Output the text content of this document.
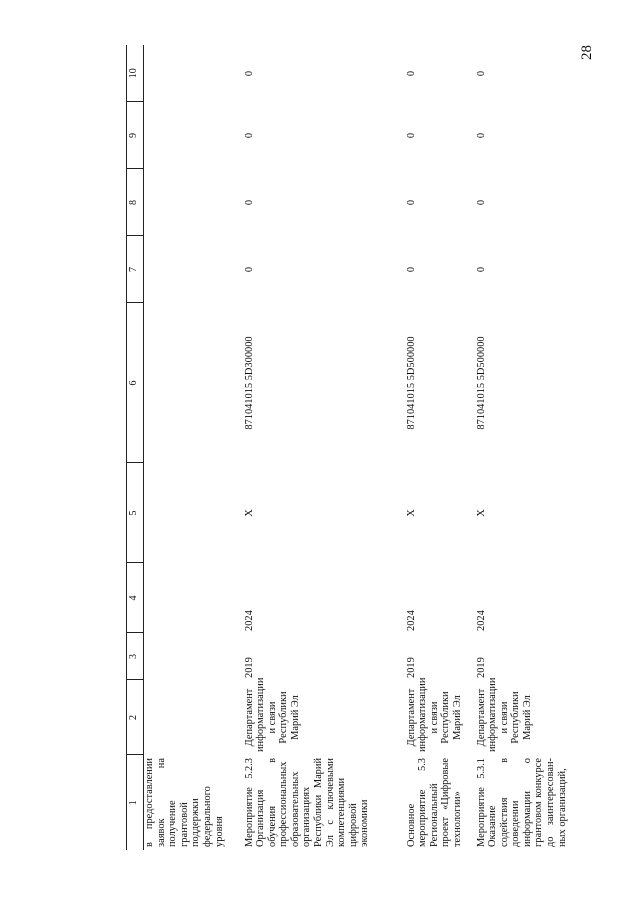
28
1	2	3	4	5	6	7	8	9	10
в предоставлении заявок на получение грантовой поддержки федерального уровня									
Мероприятие 5.2.3 Организация обучения в профессиональных образовательных организациях Республики Марий Эл с ключевыми компетенциями цифровой экономики	Департамент информатизации и связи Республики Марий Эл	2019	2024	X	871041015 5D300000	0	0	0	0
Основное мероприятие 5.3 Региональный проект «Цифровые технологии»	Департамент информатизации и связи Республики Марий Эл	2019	2024	X	871041015 5D500000	0	0	0	0
Мероприятие 5.3.1 Оказание содействия в доведении информации о грантовом конкурсе до заинтересованных организаций,	Департамент информатизации и связи Республики Марий Эл	2019	2024	X	871041015 5D500000	0	0	0	0
